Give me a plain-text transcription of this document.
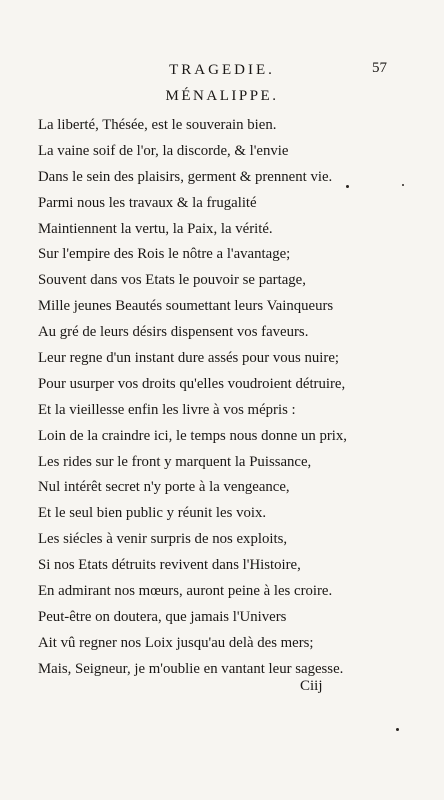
TRAGEDIE.	57
MÉNALIPPE.
La liberté, Thésée, est le souverain bien.
La vaine soif de l'or, la discorde, & l'envie
Dans le sein des plaisirs, germent & prennent vie.
Parmi nous les travaux & la frugalité
Maintiennent la vertu, la Paix, la vérité.
Sur l'empire des Rois le nôtre a l'avantage;
Souvent dans vos Etats le pouvoir se partage,
Mille jeunes Beautés soumettant leurs Vainqueurs
Au gré de leurs désirs dispensent vos faveurs.
Leur regne d'un instant dure assés pour vous nuire;
Pour usurper vos droits qu'elles voudroient détruire,
Et la vieillesse enfin les livre à vos mépris :
Loin de la craindre ici, le temps nous donne un prix,
Les rides sur le front y marquent la Puissance,
Nul intérêt secret n'y porte à la vengeance,
Et le seul bien public y réunit les voix.
Les siécles à venir surpris de nos exploits,
Si nos Etats détruits revivent dans l'Histoire,
En admirant nos mœurs, auront peine à les croire.
Peut-être on doutera, que jamais l'Univers
Ait vû regner nos Loix jusqu'au delà des mers;
Mais, Seigneur, je m'oublie en vantant leur sagesse.
Ciij
